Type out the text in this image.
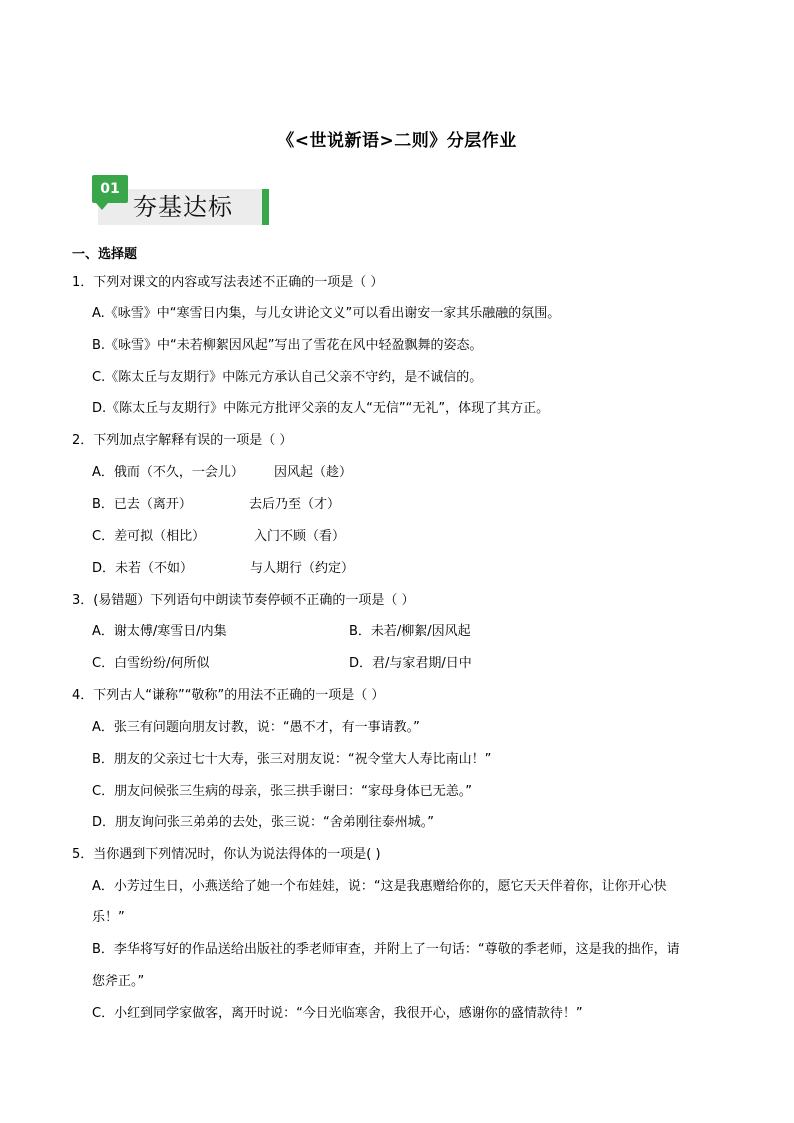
《<世说新语>二则》分层作业
01
夯基达标
一、选择题
1．下列对课文的内容或写法表述不正确的一项是（ ）
A.《咏雪》中“寒雪日内集，与儿女讲论文义”可以看出谢安一家其乐融融的氛围。
B.《咏雪》中“未若柳絮因风起”写出了雪花在风中轻盈飘舞的姿态。
C.《陈太丘与友期行》中陈元方承认自己父亲不守约，是不诚信的。
D.《陈太丘与友期行》中陈元方批评父亲的友人“无信”“无礼”，体现了其方正。
2．下列加点字解释有误的一项是（ ）
A．俄而（不久，一会儿） 因风起（趁）
B．已去（离开）	去后乃至（才）
C．差可拟（相比）	入门不顾（看）
D．未若（不如）	与人期行（约定）
3．(易错题）下列语句中朗读节奏停顿不正确的一项是（ ）
A．谢太傅/寒雪日/内集	B．未若/柳絮/因风起
C．白雪纷纷/何所似	D．君/与家君期/日中
4．下列古人“谦称”“敬称”的用法不正确的一项是（ ）
A．张三有问题向朋友讨教，说：“愚不才，有一事请教。”
B．朋友的父亲过七十大寿，张三对朋友说：“祝令堂大人寿比南山！”
C．朋友问候张三生病的母亲，张三拱手谢曰：“家母身体已无恙。”
D．朋友询问张三弟弟的去处，张三说：“舍弟刚往泰州城。”
5．当你遇到下列情况时，你认为说法得体的一项是( )
A．小芳过生日，小燕送给了她一个布娃娃，说：“这是我惠赠给你的，愿它天天伴着你，让你开心快
乐！”
B．李华将写好的作品送给出版社的季老师审查，并附上了一句话：“尊敬的季老师，这是我的拙作，请
您斧正。”
C．小红到同学家做客，离开时说：“今日光临寒舍，我很开心，感谢你的盛情款待！”
